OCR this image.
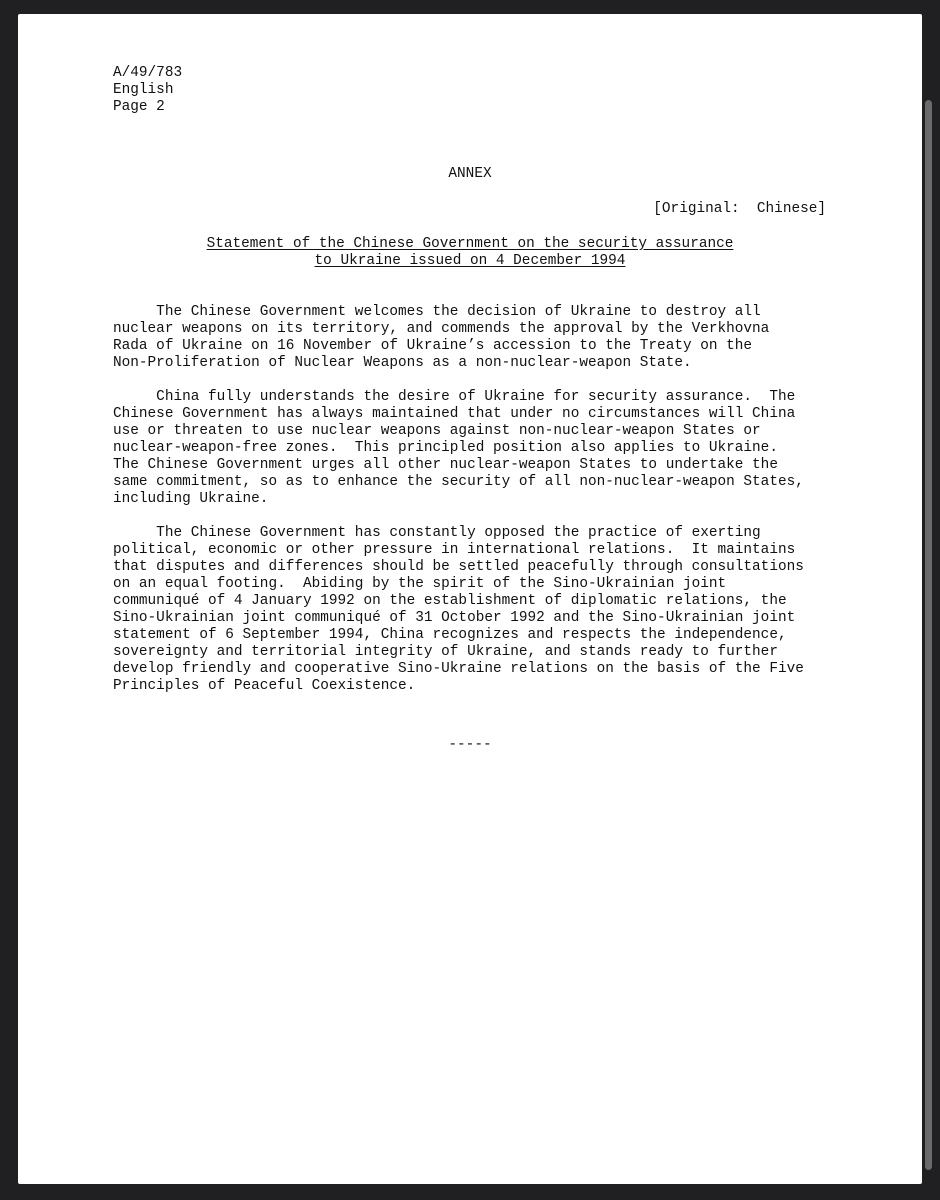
A/49/783
English
Page 2
ANNEX
[Original:  Chinese]
Statement of the Chinese Government on the security assurance
to Ukraine issued on 4 December 1994
The Chinese Government welcomes the decision of Ukraine to destroy all
nuclear weapons on its territory, and commends the approval by the Verkhovna
Rada of Ukraine on 16 November of Ukraine’s accession to the Treaty on the
Non-Proliferation of Nuclear Weapons as a non-nuclear-weapon State.
China fully understands the desire of Ukraine for security assurance.  The
Chinese Government has always maintained that under no circumstances will China
use or threaten to use nuclear weapons against non-nuclear-weapon States or
nuclear-weapon-free zones.  This principled position also applies to Ukraine.
The Chinese Government urges all other nuclear-weapon States to undertake the
same commitment, so as to enhance the security of all non-nuclear-weapon States,
including Ukraine.
The Chinese Government has constantly opposed the practice of exerting
political, economic or other pressure in international relations.  It maintains
that disputes and differences should be settled peacefully through consultations
on an equal footing.  Abiding by the spirit of the Sino-Ukrainian joint
communiqué of 4 January 1992 on the establishment of diplomatic relations, the
Sino-Ukrainian joint communiqué of 31 October 1992 and the Sino-Ukrainian joint
statement of 6 September 1994, China recognizes and respects the independence,
sovereignty and territorial integrity of Ukraine, and stands ready to further
develop friendly and cooperative Sino-Ukraine relations on the basis of the Five
Principles of Peaceful Coexistence.
-----
